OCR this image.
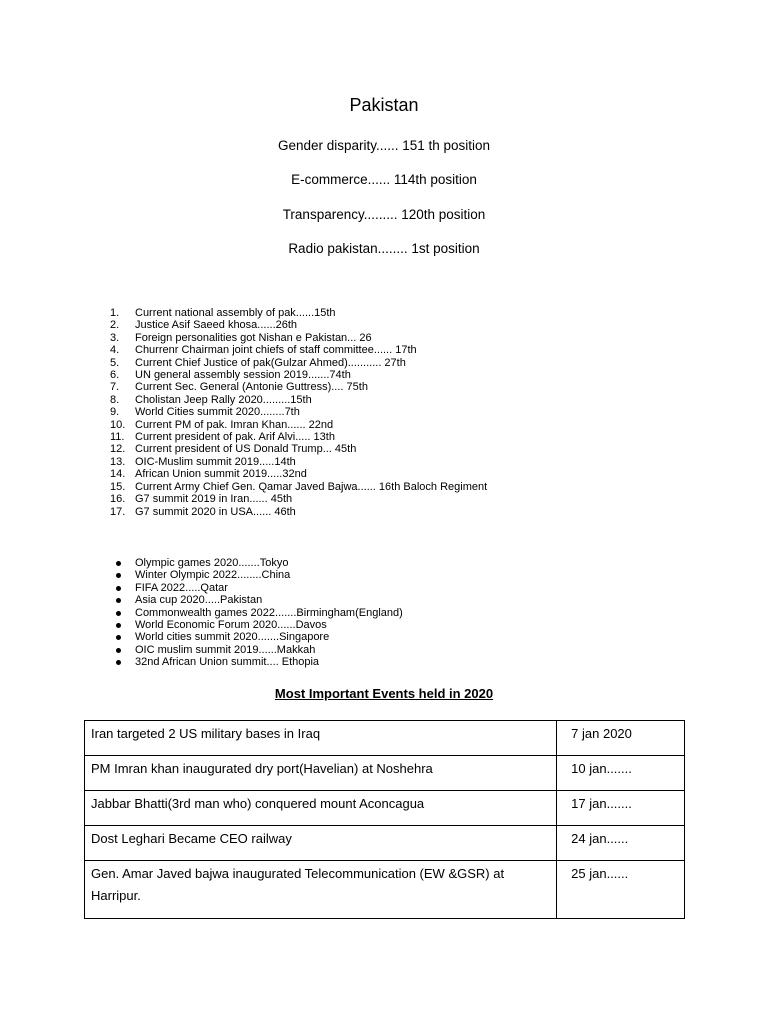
Pakistan
Gender disparity...... 151 th position
E-commerce...... 114th position
Transparency......... 120th position
Radio pakistan........ 1st position
1. Current national assembly of pak......15th
2. Justice Asif Saeed khosa......26th
3. Foreign personalities got Nishan e Pakistan... 26
4. Churrenr Chairman joint chiefs of staff committee...... 17th
5. Current Chief Justice of pak(Gulzar Ahmed)........... 27th
6. UN general assembly session 2019.......74th
7. Current Sec. General (Antonie Guttress).... 75th
8. Cholistan Jeep Rally 2020.........15th
9. World Cities summit 2020........7th
10. Current PM of pak. Imran Khan...... 22nd
11. Current president of pak. Arif Alvi..... 13th
12. Current president of US Donald Trump... 45th
13. OIC-Muslim summit 2019.....14th
14. African Union summit 2019.....32nd
15. Current Army Chief Gen. Qamar Javed Bajwa...... 16th Baloch Regiment
16. G7 summit 2019 in Iran...... 45th
17. G7 summit 2020 in USA...... 46th
Olympic games 2020.......Tokyo
Winter Olympic 2022........China
FIFA 2022.....Qatar
Asia cup 2020.....Pakistan
Commonwealth games 2022.......Birmingham(England)
World Economic Forum 2020......Davos
World cities summit 2020.......Singapore
OIC muslim summit 2019......Makkah
32nd African Union summit.... Ethopia
Most Important Events held in 2020
Iran targeted 2 US military bases in Iraq	7 jan 2020
PM Imran khan inaugurated dry port(Havelian) at Noshehra	10 jan.......
Jabbar Bhatti(3rd man who) conquered mount Aconcagua	17 jan.......
Dost Leghari Became CEO railway	24 jan......
Gen. Amar Javed bajwa inaugurated Telecommunication (EW &GSR) at Harripur.	25 jan......
